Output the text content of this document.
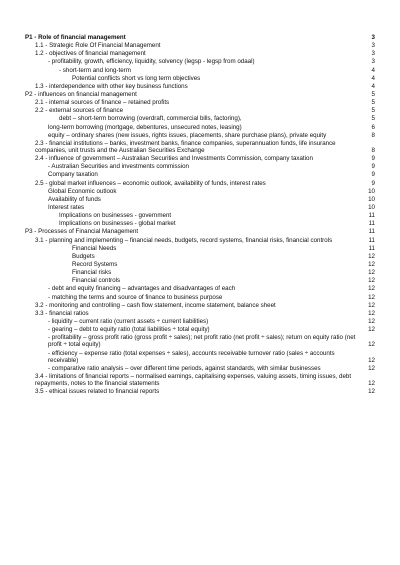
P1 - Role of financial management	3
1.1 - Strategic Role Of Financial Management	3
1.2 - objectives of financial management	3
- profitability, growth, efficiency, liquidity, solvency (legsp - legsp from odaal)	3
- short-term and long-term	4
Potential conflicts short vs long term objectives	4
1.3 - interdependence with other key business functions	4
P2 - influences on financial management	5
2.1 - internal sources of finance – retained profits	5
2.2 - external sources of finance	5
debt – short-term borrowing (overdraft, commercial bills, factoring),	5
long-term borrowing (mortgage, debentures, unsecured notes, leasing)	6
equity – ordinary shares (new issues, rights issues, placements, share purchase plans), private equity	8
2.3 - financial institutions – banks, investment banks, finance companies, superannuation funds, life insurance companies, unit trusts and the Australian Securities Exchange	8
2.4 - influence of government – Australian Securities and Investments Commission, company taxation	9
- Australian Securities and investments commission	9
Company taxation	9
2.5 - global market influences – economic outlook, availability of funds, interest rates	9
Global Economic outlook	10
Availability of funds	10
Interest rates	10
Implications on businesses - government	11
Implications on businesses - global market	11
P3 - Processes of Financial Management	11
3.1 - planning and implementing – financial needs, budgets, record systems, financial risks, financial controls	11
Financial Needs	11
Budgets	12
Record Systems	12
Financial risks	12
Financial controls	12
- debt and equity financing – advantages and disadvantages of each	12
- matching the terms and source of finance to business purpose	12
3.2 - monitoring and controlling – cash flow statement, income statement, balance sheet	12
3.3 - financial ratios	12
- liquidity – current ratio (current assets ÷ current liabilities)	12
- gearing – debt to equity ratio (total liabilities ÷ total equity)	12
- profitability – gross profit ratio (gross profit ÷ sales); net profit ratio (net profit ÷ sales); return on equity ratio (net profit ÷ total equity)	12
- efficiency – expense ratio (total expenses ÷ sales), accounts receivable turnover ratio (sales ÷ accounts receivable)	12
- comparative ratio analysis – over different time periods, against standards, with similar businesses	12
3.4 - limitations of financial reports – normalised earnings, capitalising expenses, valuing assets, timing issues, debt repayments, notes to the financial statements	12
3.5 - ethical issues related to financial reports	12
